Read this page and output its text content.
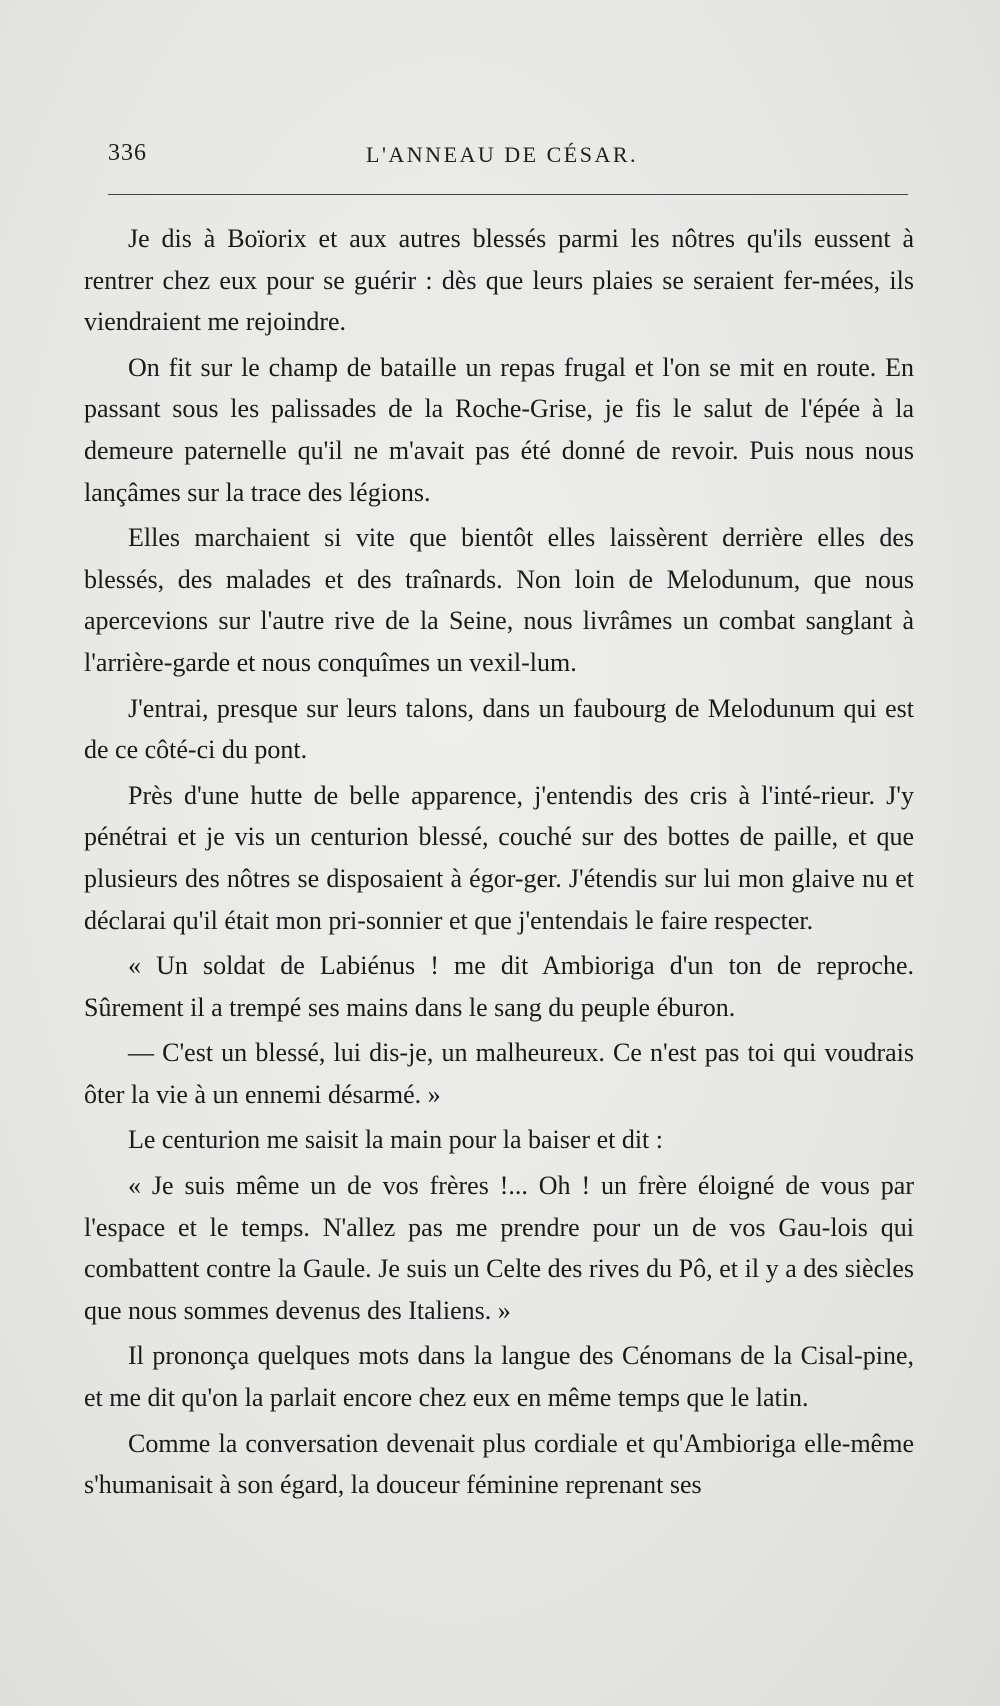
336	L'ANNEAU DE CÉSAR.

Je dis à Boïorix et aux autres blessés parmi les nôtres qu'ils eussent à rentrer chez eux pour se guérir : dès que leurs plaies se seraient fer-mées, ils viendraient me rejoindre.

On fit sur le champ de bataille un repas frugal et l'on se mit en route. En passant sous les palissades de la Roche-Grise, je fis le salut de l'épée à la demeure paternelle qu'il ne m'avait pas été donné de revoir. Puis nous nous lançâmes sur la trace des légions.

Elles marchaient si vite que bientôt elles laissèrent derrière elles des blessés, des malades et des traînards. Non loin de Melodunum, que nous apercevions sur l'autre rive de la Seine, nous livrâmes un combat sanglant à l'arrière-garde et nous conquîmes un vexil-lum.

J'entrai, presque sur leurs talons, dans un faubourg de Melodunum qui est de ce côté-ci du pont.

Près d'une hutte de belle apparence, j'entendis des cris à l'inté-rieur. J'y pénétrai et je vis un centurion blessé, couché sur des bottes de paille, et que plusieurs des nôtres se disposaient à égor-ger. J'étendis sur lui mon glaive nu et déclarai qu'il était mon pri-sonnier et que j'entendais le faire respecter.

« Un soldat de Labiénus ! me dit Ambioriga d'un ton de reproche. Sûrement il a trempé ses mains dans le sang du peuple éburon.

— C'est un blessé, lui dis-je, un malheureux. Ce n'est pas toi qui voudrais ôter la vie à un ennemi désarmé. »

Le centurion me saisit la main pour la baiser et dit :

« Je suis même un de vos frères !... Oh ! un frère éloigné de vous par l'espace et le temps. N'allez pas me prendre pour un de vos Gau-lois qui combattent contre la Gaule. Je suis un Celte des rives du Pô, et il y a des siècles que nous sommes devenus des Italiens. »

Il prononça quelques mots dans la langue des Cénomans de la Cisal-pine, et me dit qu'on la parlait encore chez eux en même temps que le latin.

Comme la conversation devenait plus cordiale et qu'Ambioriga elle-même s'humanisait à son égard, la douceur féminine reprenant ses
